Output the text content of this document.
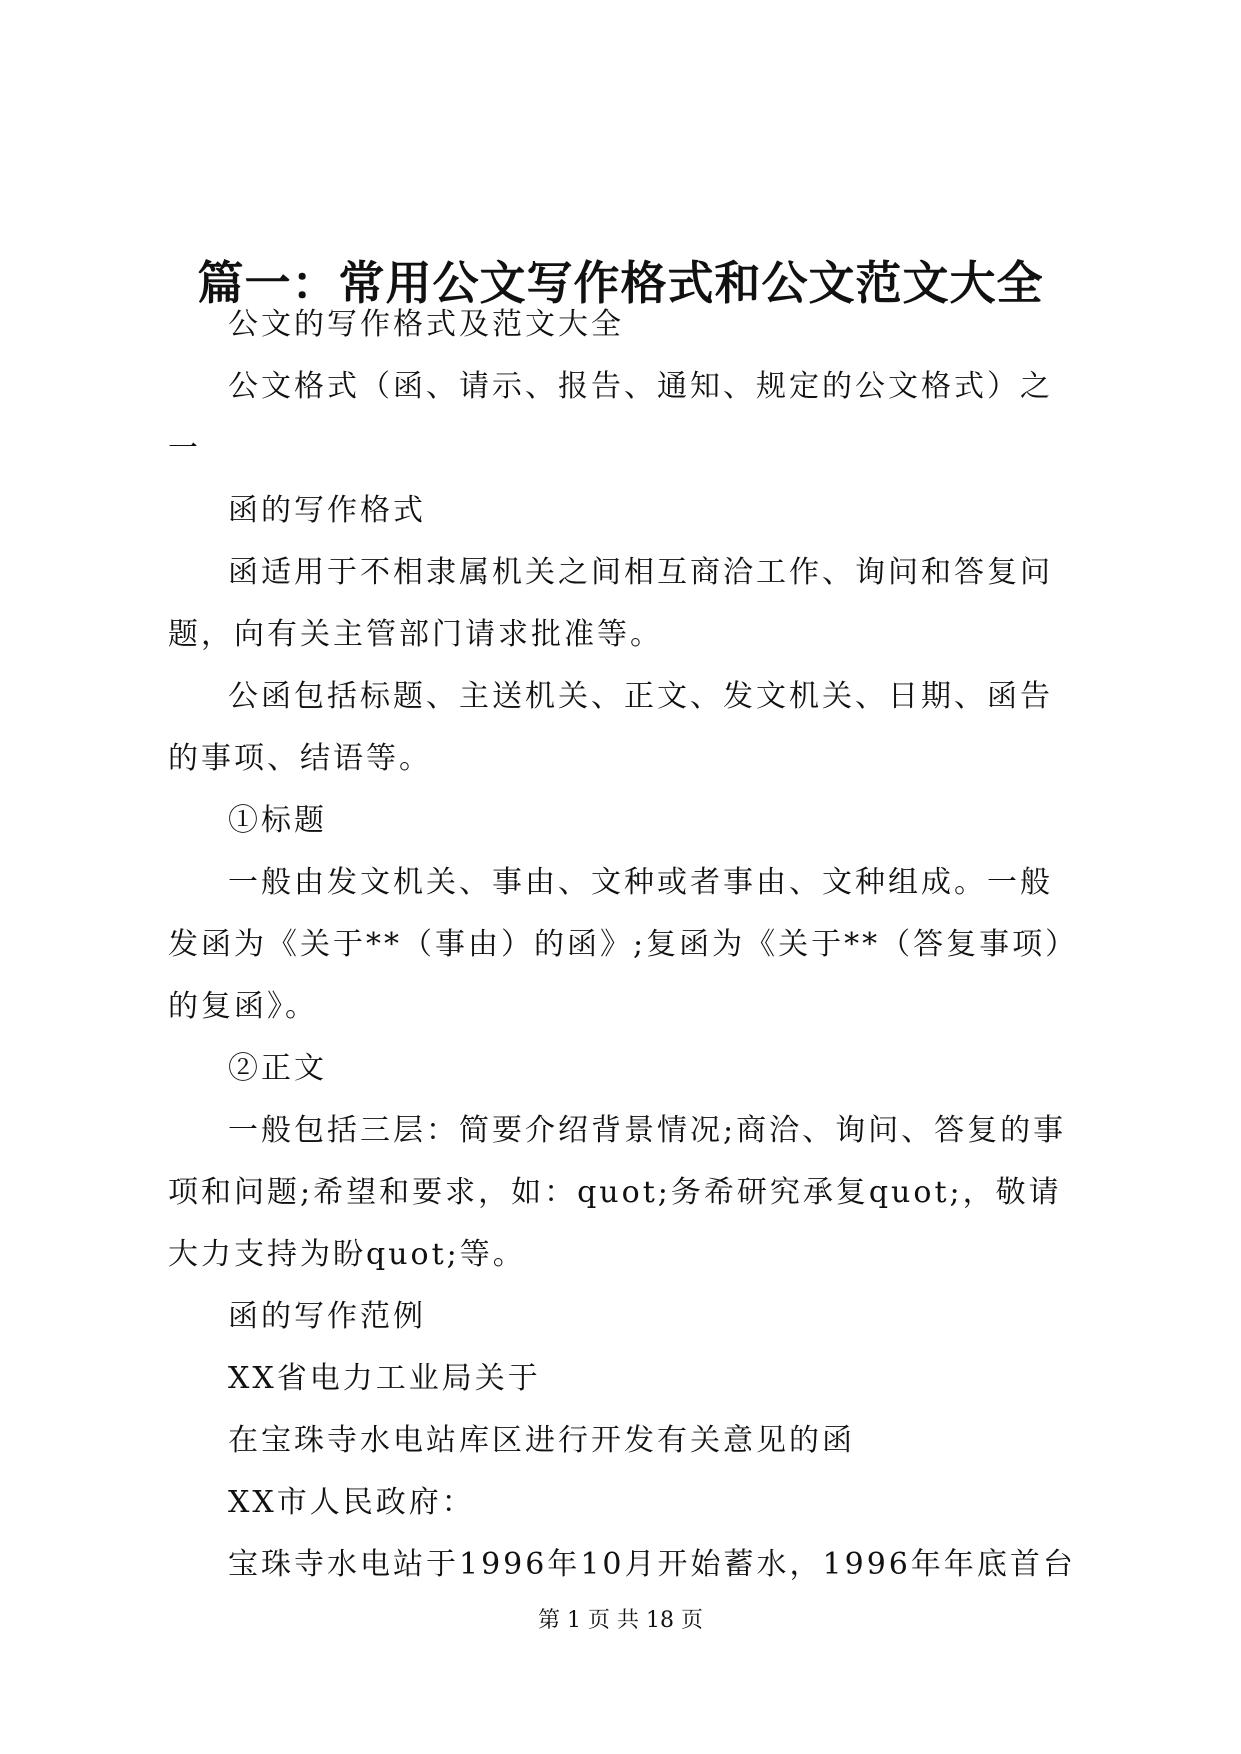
篇一：常用公文写作格式和公文范文大全

公文的写作格式及范文大全

公文格式（函、请示、报告、通知、规定的公文格式）之一

函的写作格式

函适用于不相隶属机关之间相互商洽工作、询问和答复问题，向有关主管部门请求批准等。

公函包括标题、主送机关、正文、发文机关、日期、函告的事项、结语等。

①标题

一般由发文机关、事由、文种或者事由、文种组成。一般发函为《关于**（事由）的函》;复函为《关于**（答复事项）的复函》。

②正文

一般包括三层：简要介绍背景情况;商洽、询问、答复的事项和问题;希望和要求，如：quot;务希研究承复quot;，敬请大力支持为盼quot;等。

函的写作范例

XX省电力工业局关于

在宝珠寺水电站库区进行开发有关意见的函

XX市人民政府：

宝珠寺水电站于1996年10月开始蓄水，1996年年底首台

第 1 页 共 18 页
